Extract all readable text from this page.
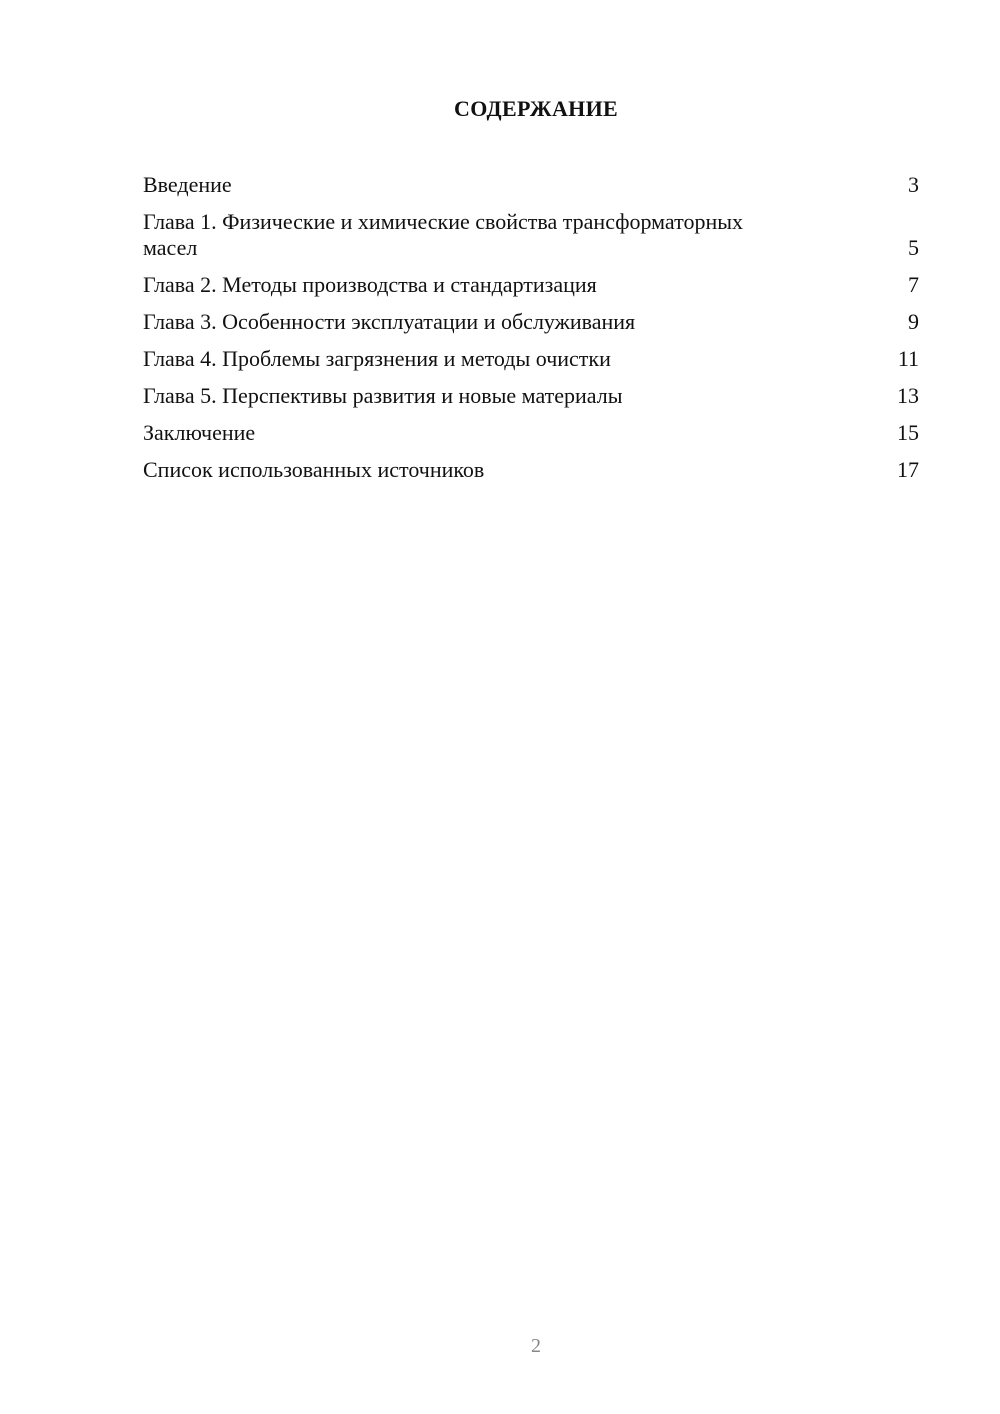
СОДЕРЖАНИЕ
Введение	3
Глава 1. Физические и химические свойства трансформаторных масел	5
Глава 2. Методы производства и стандартизация	7
Глава 3. Особенности эксплуатации и обслуживания	9
Глава 4. Проблемы загрязнения и методы очистки	11
Глава 5. Перспективы развития и новые материалы	13
Заключение	15
Список использованных источников	17
2
